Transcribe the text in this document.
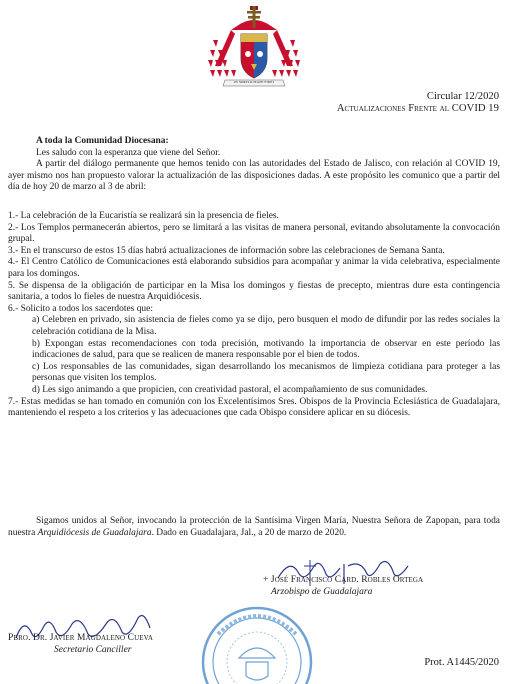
IN SIMPLICITATE FIDEI
Circular 12/2020
Actualizaciones Frente al COVID 19

A toda la Comunidad Diocesana:

Les saludo con la esperanza que viene del Señor.

A partir del diálogo permanente que hemos tenido con las autoridades del Estado de Jalisco, con relación al COVID 19, ayer mismo nos han propuesto valorar la actualización de las disposiciones dadas. A este propósito les comunico que a partir del día de hoy 20 de marzo al 3 de abril:

1.- La celebración de la Eucaristía se realizará sin la presencia de fieles.

2.- Los Templos permanecerán abiertos, pero se limitará a las visitas de manera personal, evitando absolutamente la convocación grupal.

3.- En el transcurso de estos 15 días habrá actualizaciones de información sobre las celebraciones de Semana Santa.

4.- El Centro Católico de Comunicaciones está elaborando subsidios para acompañar y animar la vida celebrativa, especialmente para los domingos.

5. Se dispensa de la obligación de participar en la Misa los domingos y fiestas de precepto, mientras dure esta contingencia sanitaria, a todos lo fieles de nuestra Arquidiócesis.

6.- Solicito a todos los sacerdotes que:

a) Celebren en privado, sin asistencia de fieles como ya se dijo, pero busquen el modo de difundir por las redes sociales la celebración cotidiana de la Misa.

b) Expongan estas recomendaciones con toda precisión, motivando la importancia de observar en este período las indicaciones de salud, para que se realicen de manera responsable por el bien de todos.

c) Los responsables de las comunidades, sigan desarrollando los mecanismos de limpieza cotidiana para proteger a las personas que visiten los templos.

d) Les sigo animando a que propicien, con creatividad pastoral, el acompañamiento de sus comunidades.

7.- Estas medidas se han tomado en comunión con los Excelentísimos Sres. Obispos de la Provincia Eclesiástica de Guadalajara, manteniendo el respeto a los criterios y las adecuaciones que cada Obispo considere aplicar en su diócesis.

Sigamos unidos al Señor, invocando la protección de la Santísima Virgen María, Nuestra Señora de Zapopan, para toda nuestra Arquidiócesis de Guadalajara. Dado en Guadalajara, Jal., a 20 de marzo de 2020.

+ José Francisco Card. Robles Ortega
Arzobispo de Guadalajara
Pbro. Dr. Javier Magdaleno Cueva
Secretario Canciller
Prot. A1445/2020
